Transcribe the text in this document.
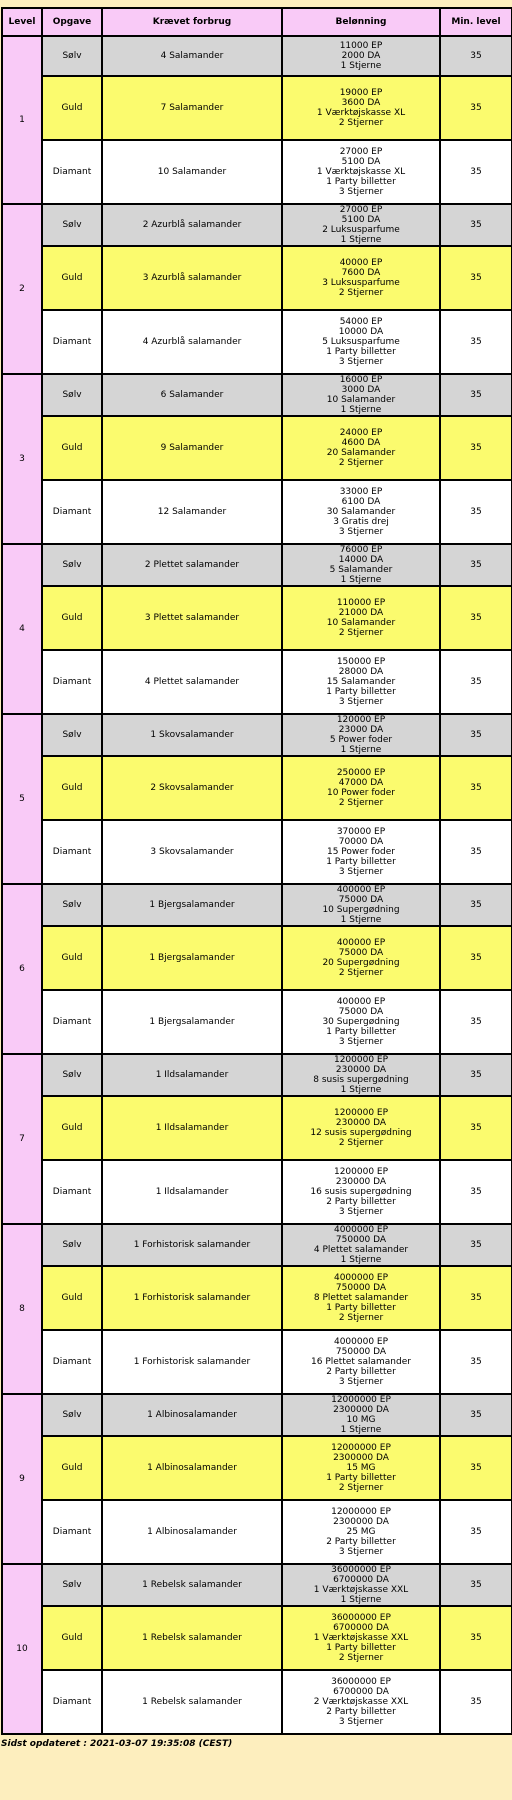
Level	Opgave	Krævet forbrug	Belønning	Min. level
1	Sølv	4 Salamander	11000 EP
2000 DA
1 Stjerne	35
	Guld	7 Salamander	19000 EP
3600 DA
1 Værktøjskasse XL
2 Stjerner	35
	Diamant	10 Salamander	27000 EP
5100 DA
1 Værktøjskasse XL
1 Party billetter
3 Stjerner	35
2	Sølv	2 Azurblå salamander	27000 EP
5100 DA
2 Luksusparfume
1 Stjerne	35
	Guld	3 Azurblå salamander	40000 EP
7600 DA
3 Luksusparfume
2 Stjerner	35
	Diamant	4 Azurblå salamander	54000 EP
10000 DA
5 Luksusparfume
1 Party billetter
3 Stjerner	35
3	Sølv	6 Salamander	16000 EP
3000 DA
10 Salamander
1 Stjerne	35
	Guld	9 Salamander	24000 EP
4600 DA
20 Salamander
2 Stjerner	35
	Diamant	12 Salamander	33000 EP
6100 DA
30 Salamander
3 Gratis drej
3 Stjerner	35
4	Sølv	2 Plettet salamander	76000 EP
14000 DA
5 Salamander
1 Stjerne	35
	Guld	3 Plettet salamander	110000 EP
21000 DA
10 Salamander
2 Stjerner	35
	Diamant	4 Plettet salamander	150000 EP
28000 DA
15 Salamander
1 Party billetter
3 Stjerner	35
5	Sølv	1 Skovsalamander	120000 EP
23000 DA
5 Power foder
1 Stjerne	35
	Guld	2 Skovsalamander	250000 EP
47000 DA
10 Power foder
2 Stjerner	35
	Diamant	3 Skovsalamander	370000 EP
70000 DA
15 Power foder
1 Party billetter
3 Stjerner	35
6	Sølv	1 Bjergsalamander	400000 EP
75000 DA
10 Supergødning
1 Stjerne	35
	Guld	1 Bjergsalamander	400000 EP
75000 DA
20 Supergødning
2 Stjerner	35
	Diamant	1 Bjergsalamander	400000 EP
75000 DA
30 Supergødning
1 Party billetter
3 Stjerner	35
7	Sølv	1 Ildsalamander	1200000 EP
230000 DA
8 susis supergødning
1 Stjerne	35
	Guld	1 Ildsalamander	1200000 EP
230000 DA
12 susis supergødning
2 Stjerner	35
	Diamant	1 Ildsalamander	1200000 EP
230000 DA
16 susis supergødning
2 Party billetter
3 Stjerner	35
8	Sølv	1 Forhistorisk salamander	4000000 EP
750000 DA
4 Plettet salamander
1 Stjerne	35
	Guld	1 Forhistorisk salamander	4000000 EP
750000 DA
8 Plettet salamander
1 Party billetter
2 Stjerner	35
	Diamant	1 Forhistorisk salamander	4000000 EP
750000 DA
16 Plettet salamander
2 Party billetter
3 Stjerner	35
9	Sølv	1 Albinosalamander	12000000 EP
2300000 DA
10 MG
1 Stjerne	35
	Guld	1 Albinosalamander	12000000 EP
2300000 DA
15 MG
1 Party billetter
2 Stjerner	35
	Diamant	1 Albinosalamander	12000000 EP
2300000 DA
25 MG
2 Party billetter
3 Stjerner	35
10	Sølv	1 Rebelsk salamander	36000000 EP
6700000 DA
1 Værktøjskasse XXL
1 Stjerne	35
	Guld	1 Rebelsk salamander	36000000 EP
6700000 DA
1 Værktøjskasse XXL
1 Party billetter
2 Stjerner	35
	Diamant	1 Rebelsk salamander	36000000 EP
6700000 DA
2 Værktøjskasse XXL
2 Party billetter
3 Stjerner	35
Sidst opdateret : 2021-03-07 19:35:08 (CEST)
